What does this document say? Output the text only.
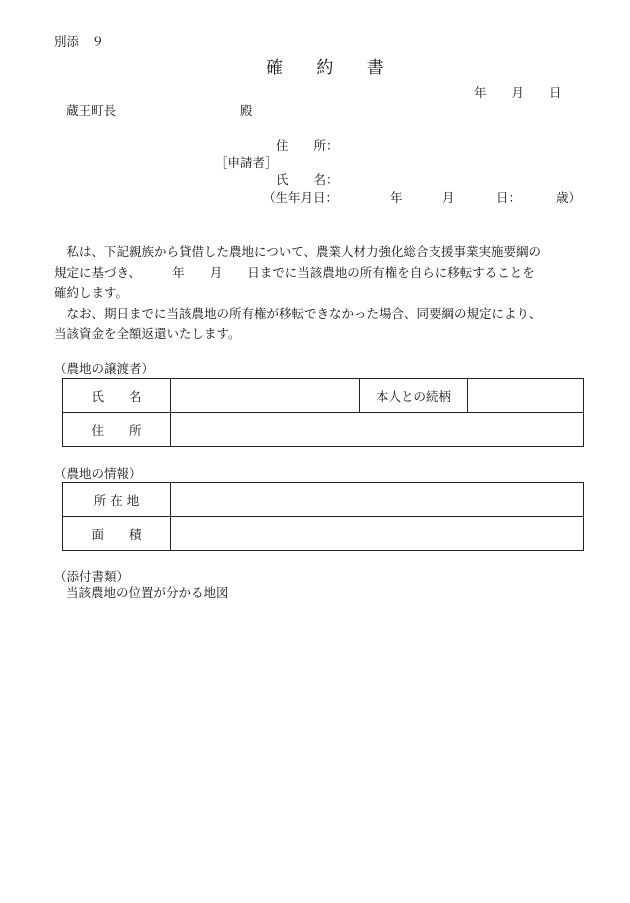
別添　９
確 約 書
年　　月　　日
蔵王町長	殿
住　　所：
［申請者］
氏　　名：
（生年月日：	年	月	日：	歳）

　私は、下記親族から貸借した農地について、農業人材力強化総合支援事業実施要綱の

規定に基づき、　　　年　　月　　日までに当該農地の所有権を自らに移転することを

確約します。

　なお、期日までに当該農地の所有権が移転できなかった場合、同要綱の規定により、

当該資金を全額返還いたします。

（農地の譲渡者）
氏　　名		本人との続柄	
住　　所			
（農地の情報）
所 在 地	
面　　積	
（添付書類）
当該農地の位置が分かる地図
